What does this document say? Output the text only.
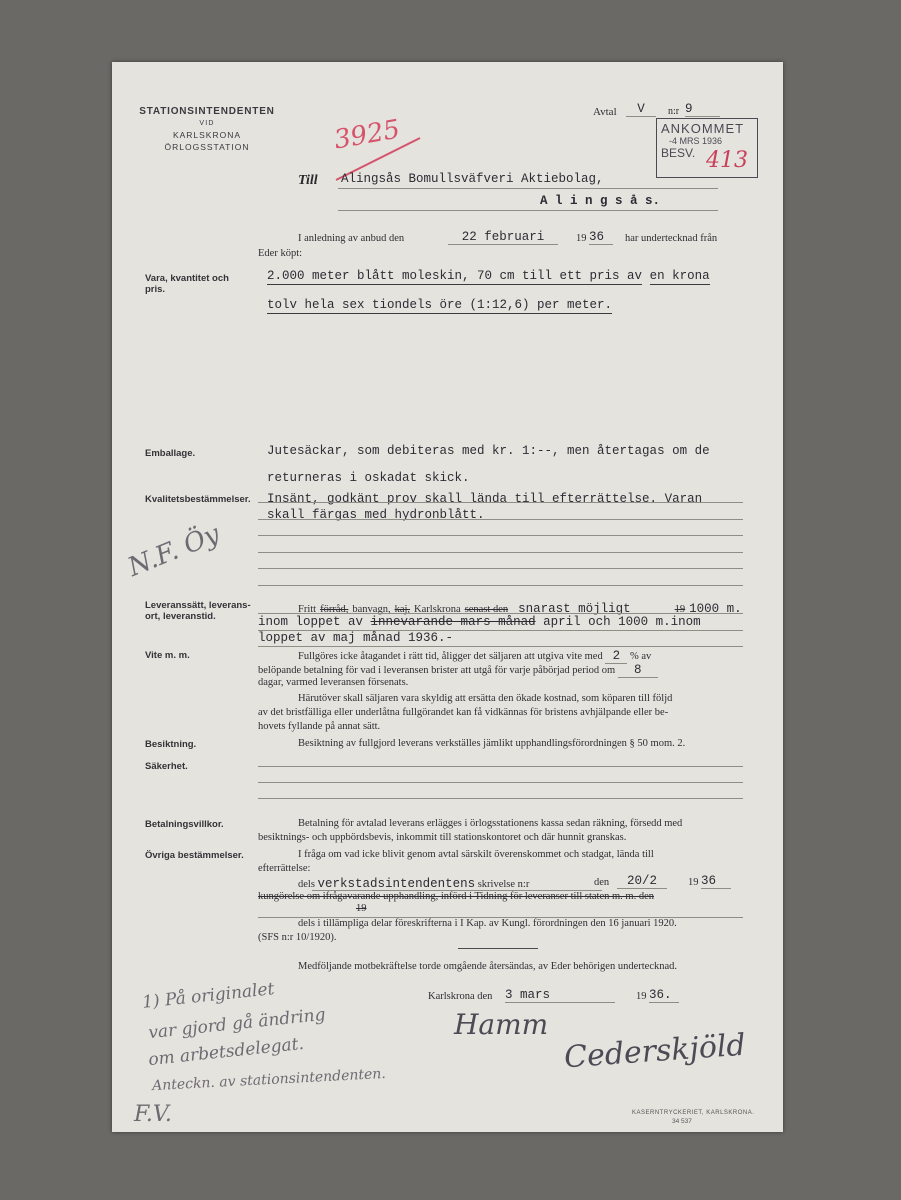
STATIONSINTENDENTEN
VID
KARLSKRONA
ÖRLOGSSTATION	3925
Avtal	V	n:r 9
ANKOMMET
-4 MRS 1936
BESV. 413
Till Alingsås Bomullsväfveri Aktiebolag,
A l i n g s å s.
I anledning av anbud den	22 februari	19 36	har undertecknad från
Eder köpt:
Vara, kvantitet och
pris.
2.000 meter blått moleskin, 70 cm till ett pris av en krona
tolv hela sex tiondels öre (1:12,6) per meter.
Emballage.	Jutesäckar, som debiteras med kr. 1:--, men återtagas om de
returneras i oskadat skick.
Kvalitetsbestämmelser. Insänt, godkänt prov skall lända till efterrättelse. Varan
skall färgas med hydronblått.
N.F. Öy
Leveranssätt, leverans-
ort, leveranstid.
Fritt förråd, banvagn, kaj, Karlskrona senast den snarast möjligt	19 1000 m.
inom loppet av innevarande mars månad april och 1000 m.inom
loppet av maj månad 1936.-
Vite m. m.	Fullgöres icke åtagandet i rätt tid, åligger det säljaren att utgiva vite med 2 % av
belöpande betalning för vad i leveransen brister att utgå för varje påbörjad period om 8
dagar, varmed leveransen försenats.
Härutöver skall säljaren vara skyldig att ersätta den ökade kostnad, som köparen till följd
av det bristfälliga eller underlåtna fullgörandet kan få vidkännas för bristens avhjälpande eller be-
hovets fyllande på annat sätt.
Besiktning.	Besiktning av fullgjord leverans verkställes jämlikt upphandlingsförordningen § 50 mom. 2.
Säkerhet.
Betalningsvillkor.	Betalning för avtalad leverans erlägges i örlogsstationens kassa sedan räkning, försedd med
besiktnings- och uppbördsbevis, inkommit till stationskontoret och där hunnit granskas.
Övriga bestämmelser.	I fråga om vad icke blivit genom avtal särskilt överenskommet och stadgat, lända till
efterrättelse:
dels verkstadsintendentens skrivelse n:r	den	20/2	19 36
kungörelse om ifrågavarande upphandling, införd i Tidning för leveranser till staten m. m. den
19
dels i tillämpliga delar föreskrifterna i I Kap. av Kungl. förordningen den 16 januari 1920.
(SFS n:r 10/1920).
Medföljande motbekräftelse torde omgående återsändas, av Eder behörigen undertecknad.
Karlskrona den 3 mars	19 36.
Hamm
Cederskjöld
1) På originalet
var gjord gå ändring
om arbetsdelegat.
Anteckn. av stationsintendenten.
F.V.	KASERNTRYCKERIET, KARLSKRONA.
34 537
